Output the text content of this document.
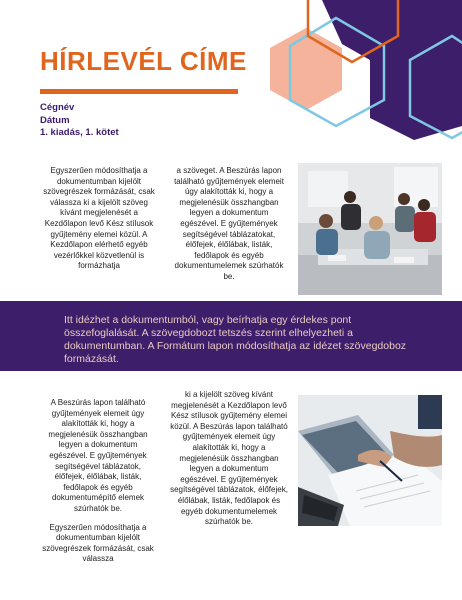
HÍRLEVÉL CÍME
Cégnév
Dátum
1. kiadás, 1. kötet

Egyszerűen módosíthatja a dokumentumban kijelölt szövegrészek formázását, csak válassza ki a kijelölt szöveg kívánt megjelenését a Kezdőlapon levő Kész stílusok gyűjtemény elemei közül. A Kezdőlapon elérhető egyéb vezérlőkkel közvetlenül is formázhatja

a szöveget. A Beszúrás lapon található gyűjtemények elemeit úgy alakították ki, hogy a megjelenésük összhangban legyen a dokumentum egészével. E gyűjtemények segítségével táblázatokat, élőfejek, élőlábak, listák, fedőlapok és egyéb dokumentumelemek szúrhatók be.

Itt idézhet a dokumentumból, vagy beírhatja egy érdekes pont összefoglalását. A szövegdobozt tetszés szerint elhelyezheti a dokumentumban. A Formátum lapon módosíthatja az idézet szövegdoboz formázását.

A Beszúrás lapon található gyűjtemények elemeit úgy alakították ki, hogy a megjelenésük összhangban legyen a dokumentum egészével. E gyűjtemények segítségével táblázatok, élőfejek, élőlábak, listák, fedőlapok és egyéb dokumentumépítő elemek szúrhatók be.

Egyszerűen módosíthatja a dokumentumban kijelölt szövegrészek formázását, csak válassza

ki a kijelölt szöveg kívánt megjelenését a Kezdőlapon levő Kész stílusok gyűjtemény elemei közül. A Beszúrás lapon található gyűjtemények elemeit úgy alakították ki, hogy a megjelenésük összhangban legyen a dokumentum egészével. E gyűjtemények segítségével táblázatok, élőfejek, élőlábak, listák, fedőlapok és egyéb dokumentumelemek szúrhatók be.
